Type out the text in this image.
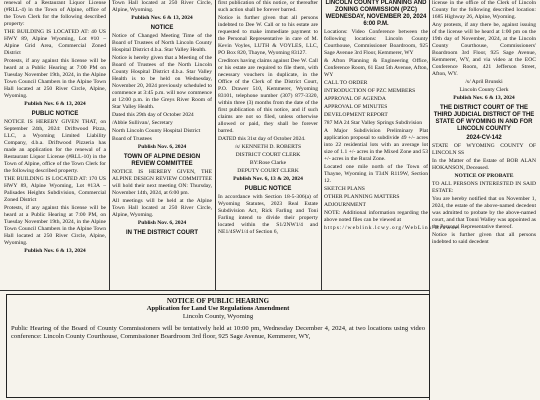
renewal of a Restaurant Liquor License (#RLL-4) in the Town of Alpine, office of the Town Clerk for the following described property:

THE BUILDING IS LOCATED AT: 40 US HWY 89, Alpine Wyoming, Lot #10 – Alpine Grid Area, Commercial Zoned District

Protests, if any against this license will be heard at a Public Hearing at 7:00 PM on Tuesday November 19th, 2024, in the Alpine Town Council Chambers in the Alpine Town Hall located at 250 River Circle, Alpine, Wyoming.

Publish Nov. 6 & 13, 2024
PUBLIC NOTICE

NOTICE IS HEREBY GIVEN THAT, on September 24th, 2024: Driftwood Pizza, LLC, a Wyoming Limited Liability Company, d.b.a. Driftwood Pizzeria has made an application for the renewal of a Restaurant Liquor License (#RLL-10) in the Town of Alpine, office of the Town Clerk for the following described property.

THE BUILDING IS LOCATED AT: 170 US HWY 89, Alpine Wyoming, Lot #13A – Palisades Heights Subdivision, Commercial Zoned District

Protests, if any against this license will be heard at a Public Hearing at 7:00 PM, on Tuesday November 19th, 2024, in the Alpine Town Council Chambers in the Alpine Town Hall located at 250 River Circle, Alpine, Wyoming.

Publish Nov. 6 & 13, 2024

Town Hall located at 250 River Circle, Alpine, Wyoming.

Publish Nov. 6 & 13, 2024
NOTICE

Notice of Changed Meeting Time of the Board of Trustees of North Lincoln County Hospital District d.b.a. Star Valley Health.

Notice is hereby given that a Meeting of the Board of Trustees of the North Lincoln County Hospital District d.b.a. Star Valley Health is to be held on Wednesday, November 20, 2024 previously scheduled to commence at 3:45 p.m. will now commence at 12:00 p.m. in the Greys River Room of Star Valley Health.

Dated this 29th day of October 2024

/Abbie Sullivan/, Secretary

North Lincoln County Hospital District

Board of Trustees

Publish Nov. 6, 2024
TOWN OF ALPINE DESIGN REVIEW COMMITTEE

NOTICE IS HEREBY GIVEN, THE ALPINE DESIGN REVIEW COMMITTEE will hold their next meeting ON: Thursday, November 14th, 2024, at 6:00 pm.

All meetings will be held at the Alpine Town Hall located at 250 River Circle, Alpine, Wyoming.

Publish Nov. 6, 2024
IN THE DISTRICT COURT

first publication of this notice, or thereafter such action shall be forever barred.

Notice is further given that all persons indebted to Dee W. Call or to his estate are requested to make immediate payment to the Personal Representative in care of M. Kevin Voyles, LUTH & VOYLES, LLC, PO Box 820, Thayne, Wyoming 83127.

Creditors having claims against Dee W. Call or his estate are required to file them, with necessary vouchers in duplicate, in the Office of the Clerk of the District Court, P.O. Drawer 510, Kemmerer, Wyoming 83101, telephone number (307) 877-3320, within three (3) months from the date of the first publication of this notice, and if such claims are not so filed, unless otherwise allowed or paid, they shall be forever barred.

DATED this 31st day of October 2024.

/s/ KENNETH D. ROBERTS

DISTRICT COURT CLERK

BY:Rose Clarke

DEPUTY COURT CLERK

Publish Nov. 6, 13 & 20, 2024
PUBLIC NOTICE

In accordance with Section 18-5-306(a) of Wyoming Statutes, 2023 Real Estate Subdivision Act, Rick Farling and Toni Farling intend to divide their property located within the S1/2NW1/4 and NE1/4SW1/4 of Section 6,

LINCOLN COUNTY PLANNING AND ZONING COMMISSION (PZC) WEDNESDAY, NOVEMBER 20, 2024 6:00 P.M.

Locations: Video Conference between the following locations: Lincoln County Courthouse, Commissioner Boardroom, 925 Sage Avenue 3rd Floor, Kemmerer, WY

& Afton Planning & Engineering Office, Conference Room, 61 East 5th Avenue, Afton, WY

CALL TO ORDER

INTRODUCTION OF PZC MEMBERS

APPROVAL OF AGENDA

APPROVAL OF MINUTES

DEVELOPMENT REPORT

787 MA 24 Star Valley Springs Subdivision

A Major Subdivision Preliminary Plat application proposal to subdivide 49 +/- acres into 22 residential lots with an average lot size of 1.1 +/- acres in the Mixed Zone and 53 +/- acres in the Rural Zone.

Located one mile north of the Town of Thayne, Wyoming in T34N R119W, Section 12.

SKETCH PLANS

OTHER PLANNING MATTERS

ADJOURNMENT

NOTE: Additional information regarding the above noted files can be viewed at

https://weblink.lcwy.org/WebLink/Browse.

license in the office of the Clerk of Lincoln County for the following described location: 1685 Highway 26, Alpine, Wyoming.

Any protests, if any there be, against issuing of the license will be heard at 1:00 pm on the 19th day of November, 2024, at the Lincoln County Courthouse, Commissioners' Boardroom 3rd Floor, 925 Sage Avenue, Kemmerer, WY, and via video at the EOC Conference Room, 421 Jefferson Street, Afton, WY.

/s/ April Brunski

Lincoln County Clerk

Publish Nov. 6 & 13, 2024
THE DISTRICT COURT OF THE THIRD JUDICIAL DISTRICT OF THE STATE OF WYOMING IN AND FOR LINCOLN COUNTY
2024-CV-142

STATE OF WYOMING COUNTY OF LINCOLN SS

In the Matter of the Estate of BOB ALAN HOKANSON, Deceased.

NOTICE OF PROBATE

TO ALL PERSONS INTERESTED IN SAID ESTATE:

You are hereby notified that on November 1, 2024, the estate of the above-named decedent was admitted to probate by the above-named court, and that Tonni Walley was appointed as the Personal Representative thereof.

Notice is further given that all persons indebted to said decedent

NOTICE OF PUBLIC HEARING
Application for Land Use Regulations Amendment
Lincoln County, Wyoming
Public Hearing of the Board of County Commissioners will be tentatively held at 10:00 pm, Wednesday December 4, 2024, at two locations using video conference: Lincoln County Courthouse, Commissioner Boardroom 3rd floor, 925 Sage Avenue, Kemmerer, WY,
